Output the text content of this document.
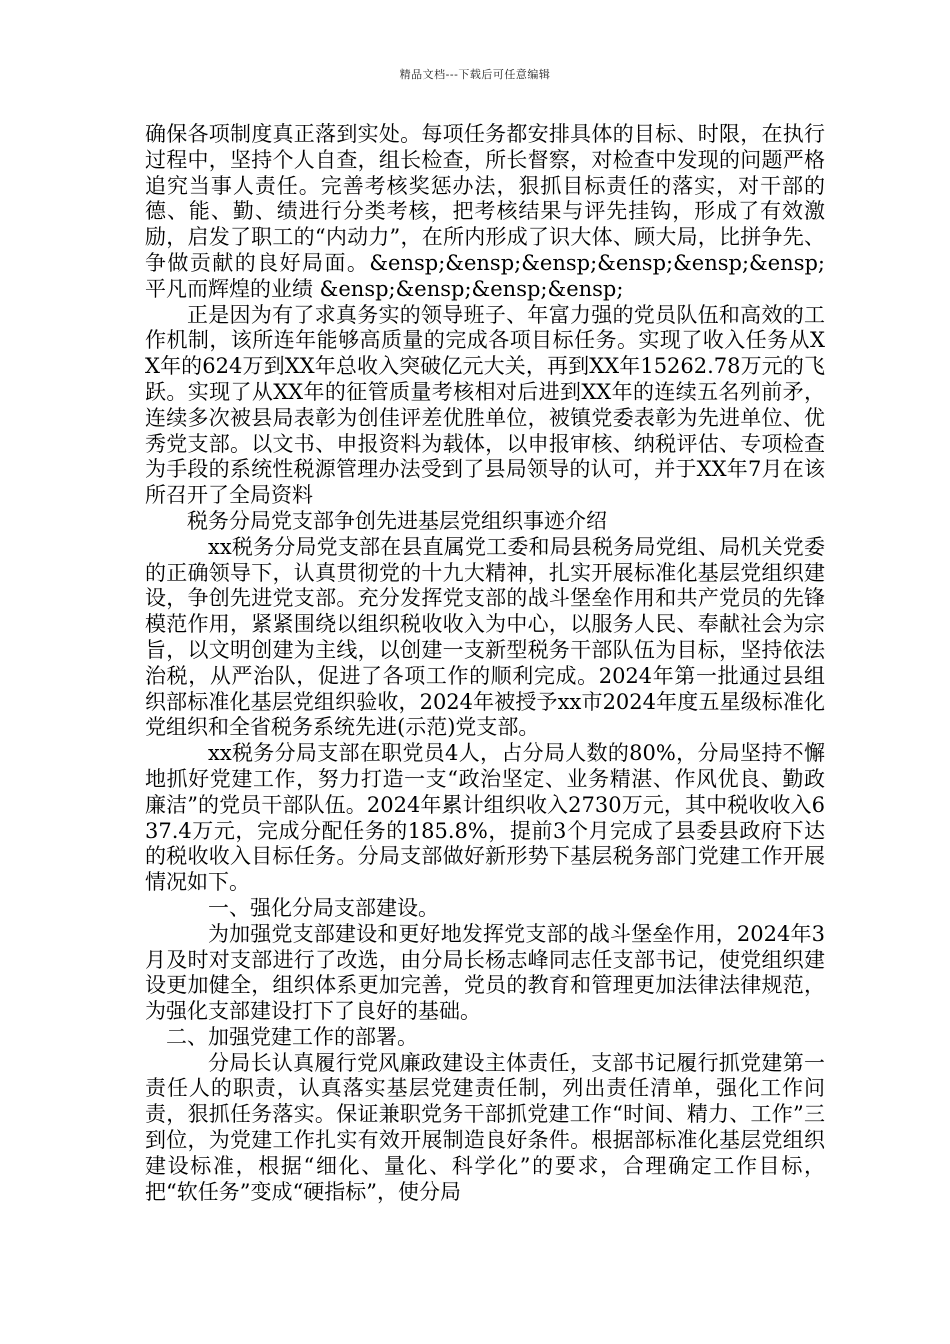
精品文档---下载后可任意编辑

确保各项制度真正落到实处。每项任务都安排具体的目标、时限，在执行过程中，坚持个人自查，组长检查，所长督察，对检查中发现的问题严格追究当事人责任。完善考核奖惩办法，狠抓目标责任的落实，对干部的德、能、勤、绩进行分类考核，把考核结果与评先挂钩，形成了有效激励，启发了职工的“内动力”，在所内形成了识大体、顾大局，比拼争先、争做贡献的良好局面。&ensp;&ensp;&ensp;&ensp;&ensp;&ensp; 平凡而辉煌的业绩 &ensp;&ensp;&ensp;&ensp;

正是因为有了求真务实的领导班子、年富力强的党员队伍和高效的工作机制，该所连年能够高质量的完成各项目标任务。实现了收入任务从XX年的624万到XX年总收入突破亿元大关，再到XX年15262.78万元的飞跃。实现了从XX年的征管质量考核相对后进到XX年的连续五名列前矛，连续多次被县局表彰为创佳评差优胜单位，被镇党委表彰为先进单位、优秀党支部。以文书、申报资料为载体，以申报审核、纳税评估、专项检查为手段的系统性税源管理办法受到了县局领导的认可，并于XX年7月在该所召开了全局资料

税务分局党支部争创先进基层党组织事迹介绍

xx税务分局党支部在县直属党工委和局县税务局党组、局机关党委的正确领导下，认真贯彻党的十九大精神，扎实开展标准化基层党组织建设，争创先进党支部。充分发挥党支部的战斗堡垒作用和共产党员的先锋模范作用，紧紧围绕以组织税收收入为中心，以服务人民、奉献社会为宗旨，以文明创建为主线，以创建一支新型税务干部队伍为目标，坚持依法治税，从严治队，促进了各项工作的顺利完成。2024年第一批通过县组织部标准化基层党组织验收，2024年被授予xx市2024年度五星级标准化党组织和全省税务系统先进(示范)党支部。

xx税务分局支部在职党员4人，占分局人数的80%，分局坚持不懈地抓好党建工作，努力打造一支“政治坚定、业务精湛、作风优良、勤政廉洁”的党员干部队伍。2024年累计组织收入2730万元，其中税收收入637.4万元，完成分配任务的185.8%，提前3个月完成了县委县政府下达的税收收入目标任务。分局支部做好新形势下基层税务部门党建工作开展情况如下。

一、强化分局支部建设。

为加强党支部建设和更好地发挥党支部的战斗堡垒作用，2024年3月及时对支部进行了改选，由分局长杨志峰同志任支部书记，使党组织建设更加健全，组织体系更加完善，党员的教育和管理更加法律法律规范，为强化支部建设打下了良好的基础。

二、加强党建工作的部署。

分局长认真履行党风廉政建设主体责任，支部书记履行抓党建第一责任人的职责，认真落实基层党建责任制，列出责任清单，强化工作问责，狠抓任务落实。保证兼职党务干部抓党建工作“时间、精力、工作”三到位，为党建工作扎实有效开展制造良好条件。根据部标准化基层党组织建设标准，根据“细化、量化、科学化”的要求，合理确定工作目标，把“软任务”变成“硬指标”，使分局
